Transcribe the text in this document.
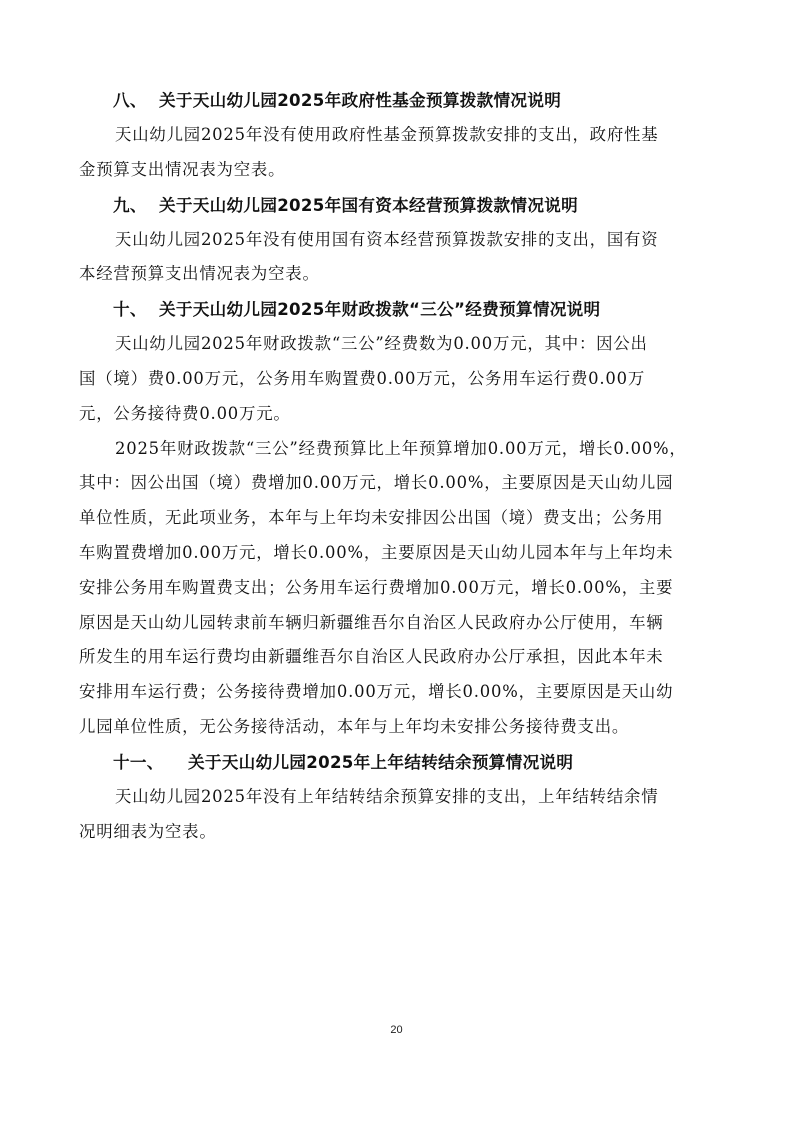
八、 关于天山幼儿园2025年政府性基金预算拨款情况说明

天山幼儿园2025年没有使用政府性基金预算拨款安排的支出，政府性基
金预算支出情况表为空表。

九、 关于天山幼儿园2025年国有资本经营预算拨款情况说明

天山幼儿园2025年没有使用国有资本经营预算拨款安排的支出，国有资
本经营预算支出情况表为空表。

十、 关于天山幼儿园2025年财政拨款“三公”经费预算情况说明

天山幼儿园2025年财政拨款“三公”经费数为0.00万元，其中：因公出
国（境）费0.00万元，公务用车购置费0.00万元，公务用车运行费0.00万
元，公务接待费0.00万元。

2025年财政拨款“三公”经费预算比上年预算增加0.00万元，增长0.00%，
其中：因公出国（境）费增加0.00万元，增长0.00%，主要原因是天山幼儿园
单位性质，无此项业务，本年与上年均未安排因公出国（境）费支出；公务用
车购置费增加0.00万元，增长0.00%，主要原因是天山幼儿园本年与上年均未
安排公务用车购置费支出；公务用车运行费增加0.00万元，增长0.00%，主要
原因是天山幼儿园转隶前车辆归新疆维吾尔自治区人民政府办公厅使用，车辆
所发生的用车运行费均由新疆维吾尔自治区人民政府办公厅承担，因此本年未
安排用车运行费；公务接待费增加0.00万元，增长0.00%，主要原因是天山幼
儿园单位性质，无公务接待活动，本年与上年均未安排公务接待费支出。

十一、 关于天山幼儿园2025年上年结转结余预算情况说明

天山幼儿园2025年没有上年结转结余预算安排的支出，上年结转结余情
况明细表为空表。

20
